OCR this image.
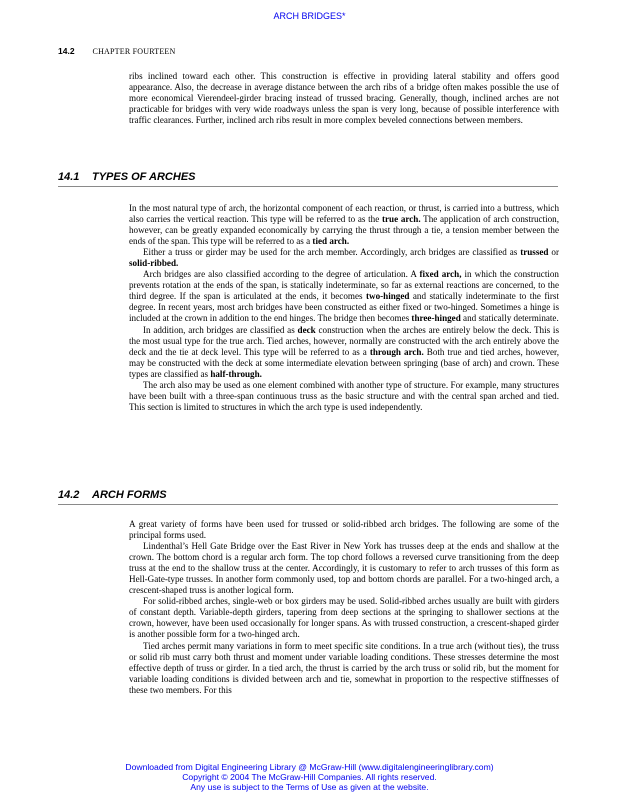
ARCH BRIDGES*
14.2 CHAPTER FOURTEEN

ribs inclined toward each other. This construction is effective in providing lateral stability and offers good appearance. Also, the decrease in average distance between the arch ribs of a bridge often makes possible the use of more economical Vierendeel-girder bracing instead of trussed bracing. Generally, though, inclined arches are not practicable for bridges with very wide roadways unless the span is very long, because of possible interference with traffic clearances. Further, inclined arch ribs result in more complex beveled connections between members.

14.1 TYPES OF ARCHES

In the most natural type of arch, the horizontal component of each reaction, or thrust, is carried into a buttress, which also carries the vertical reaction. This type will be referred to as the true arch. The application of arch construction, however, can be greatly expanded economically by carrying the thrust through a tie, a tension member between the ends of the span. This type will be referred to as a tied arch.

Either a truss or girder may be used for the arch member. Accordingly, arch bridges are classified as trussed or solid-ribbed.

Arch bridges are also classified according to the degree of articulation. A fixed arch, in which the construction prevents rotation at the ends of the span, is statically indeterminate, so far as external reactions are concerned, to the third degree. If the span is articulated at the ends, it becomes two-hinged and statically indeterminate to the first degree. In recent years, most arch bridges have been constructed as either fixed or two-hinged. Sometimes a hinge is included at the crown in addition to the end hinges. The bridge then becomes three-hinged and statically determinate.

In addition, arch bridges are classified as deck construction when the arches are entirely below the deck. This is the most usual type for the true arch. Tied arches, however, normally are constructed with the arch entirely above the deck and the tie at deck level. This type will be referred to as a through arch. Both true and tied arches, however, may be constructed with the deck at some intermediate elevation between springing (base of arch) and crown. These types are classified as half-through.

The arch also may be used as one element combined with another type of structure. For example, many structures have been built with a three-span continuous truss as the basic structure and with the central span arched and tied. This section is limited to structures in which the arch type is used independently.

14.2 ARCH FORMS

A great variety of forms have been used for trussed or solid-ribbed arch bridges. The following are some of the principal forms used.

Lindenthal’s Hell Gate Bridge over the East River in New York has trusses deep at the ends and shallow at the crown. The bottom chord is a regular arch form. The top chord follows a reversed curve transitioning from the deep truss at the end to the shallow truss at the center. Accordingly, it is customary to refer to arch trusses of this form as Hell-Gate-type trusses. In another form commonly used, top and bottom chords are parallel. For a two-hinged arch, a crescent-shaped truss is another logical form.

For solid-ribbed arches, single-web or box girders may be used. Solid-ribbed arches usually are built with girders of constant depth. Variable-depth girders, tapering from deep sections at the springing to shallower sections at the crown, however, have been used occasionally for longer spans. As with trussed construction, a crescent-shaped girder is another possible form for a two-hinged arch.

Tied arches permit many variations in form to meet specific site conditions. In a true arch (without ties), the truss or solid rib must carry both thrust and moment under variable loading conditions. These stresses determine the most effective depth of truss or girder. In a tied arch, the thrust is carried by the arch truss or solid rib, but the moment for variable loading conditions is divided between arch and tie, somewhat in proportion to the respective stiffnesses of these two members. For this

Downloaded from Digital Engineering Library @ McGraw-Hill (www.digitalengineeringlibrary.com)
Copyright © 2004 The McGraw-Hill Companies. All rights reserved.
Any use is subject to the Terms of Use as given at the website.
